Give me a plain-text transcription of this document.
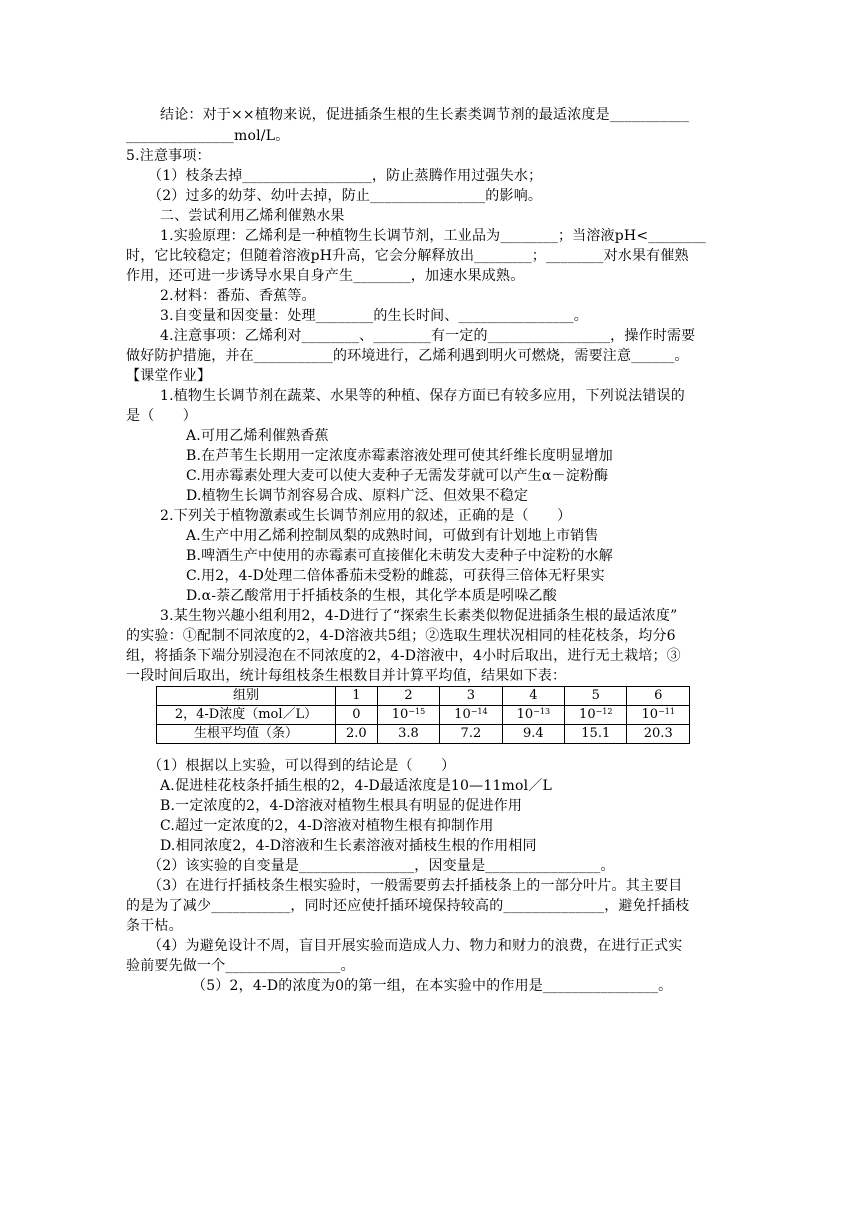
结论：对于××植物来说，促进插条生根的生长素类调节剂的最适浓度是___________
_______________mol/L。
5.注意事项：
（1）枝条去掉__________________，防止蒸腾作用过强失水；
（2）过多的幼芽、幼叶去掉，防止________________的影响。
二、尝试利用乙烯利催熟水果
1.实验原理：乙烯利是一种植物生长调节剂，工业品为________；当溶液pH<________
时，它比较稳定；但随着溶液pH升高，它会分解释放出________；________对水果有催熟
作用，还可进一步诱导水果自身产生________，加速水果成熟。
2.材料：番茄、香蕉等。
3.自变量和因变量：处理________的生长时间、________________。
4.注意事项：乙烯利对________、________有一定的_________________，操作时需要
做好防护措施，并在___________的环境进行，乙烯利遇到明火可燃烧，需要注意______。
【课堂作业】
1.植物生长调节剂在蔬菜、水果等的种植、保存方面已有较多应用，下列说法错误的
是（　　）
A.可用乙烯利催熟香蕉
B.在芦苇生长期用一定浓度赤霉素溶液处理可使其纤维长度明显增加
C.用赤霉素处理大麦可以使大麦种子无需发芽就可以产生α－淀粉酶
D.植物生长调节剂容易合成、原料广泛、但效果不稳定
2.下列关于植物激素或生长调节剂应用的叙述，正确的是（　　）
A.生产中用乙烯利控制凤梨的成熟时间，可做到有计划地上市销售
B.啤酒生产中使用的赤霉素可直接催化未萌发大麦种子中淀粉的水解
C.用2，4-D处理二倍体番茄未受粉的雌蕊，可获得三倍体无籽果实
D.α-萘乙酸常用于扦插枝条的生根，其化学本质是吲哚乙酸
3.某生物兴趣小组利用2，4-D进行了“探索生长素类似物促进插条生根的最适浓度”
的实验：①配制不同浓度的2，4-D溶液共5组；②选取生理状况相同的桂花枝条，均分6
组，将插条下端分别浸泡在不同浓度的2，4-D溶液中，4小时后取出，进行无土栽培；③
一段时间后取出，统计每组枝条生根数目并计算平均值，结果如下表：
组别	1	2	3	4	5	6
2，4-D浓度（mol／L）	0	$10^{-15}$	$10^{-14}$	$10^{-13}$	$10^{-12}$	$10^{-11}$
生根平均值（条）	2.0	3.8	7.2	9.4	15.1	20.3
（1）根据以上实验，可以得到的结论是（　　）
A.促进桂花枝条扦插生根的2，4-D最适浓度是10—11mol／L
B.一定浓度的2，4-D溶液对植物生根具有明显的促进作用
C.超过一定浓度的2，4-D溶液对植物生根有抑制作用
D.相同浓度2，4-D溶液和生长素溶液对插枝生根的作用相同
（2）该实验的自变量是________________，因变量是________________。
（3）在进行扦插枝条生根实验时，一般需要剪去扦插枝条上的一部分叶片。其主要目
的是为了减少___________，同时还应使扦插环境保持较高的______________，避免扦插枝
条干枯。
（4）为避免设计不周，盲目开展实验而造成人力、物力和财力的浪费，在进行正式实
验前要先做一个________________。
（5）2，4-D的浓度为0的第一组，在本实验中的作用是________________。
